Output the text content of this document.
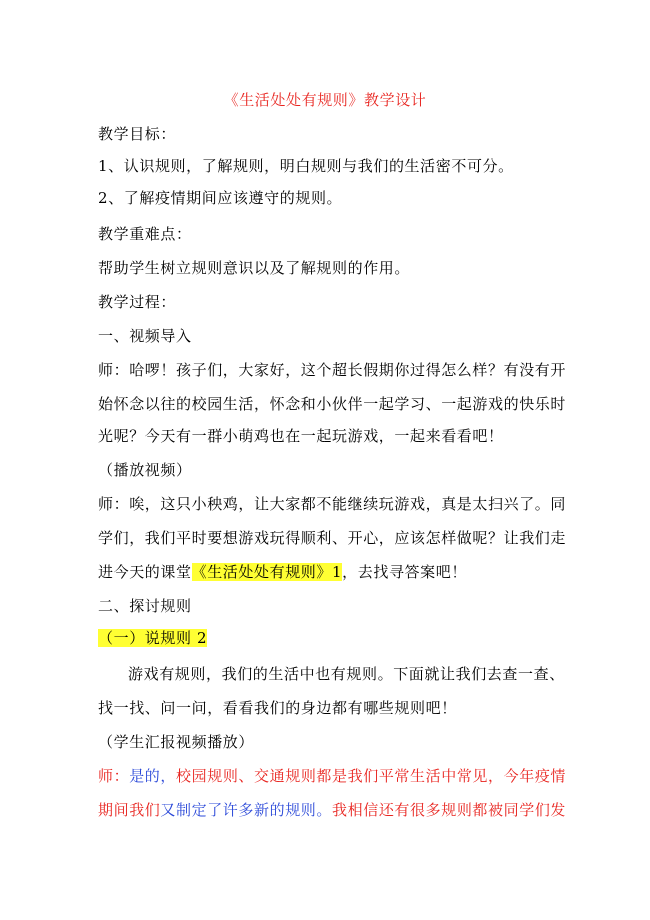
《生活处处有规则》教学设计
教学目标：
1、认识规则，了解规则，明白规则与我们的生活密不可分。
2、了解疫情期间应该遵守的规则。
教学重难点：
帮助学生树立规则意识以及了解规则的作用。
教学过程：
一、视频导入
师：哈啰！孩子们，大家好，这个超长假期你过得怎么样？有没有开
始怀念以往的校园生活，怀念和小伙伴一起学习、一起游戏的快乐时
光呢？今天有一群小萌鸡也在一起玩游戏，一起来看看吧！
（播放视频）
师：唉，这只小秧鸡，让大家都不能继续玩游戏，真是太扫兴了。同
学们，我们平时要想游戏玩得顺利、开心，应该怎样做呢？让我们走
进今天的课堂《生活处处有规则》1，去找寻答案吧！
二、探讨规则
（一）说规则 2
游戏有规则，我们的生活中也有规则。下面就让我们去查一查、
找一找、问一问，看看我们的身边都有哪些规则吧！
（学生汇报视频播放）
师：是的，校园规则、交通规则都是我们平常生活中常见，今年疫情
期间我们又制定了许多新的规则。我相信还有很多规则都被同学们发
